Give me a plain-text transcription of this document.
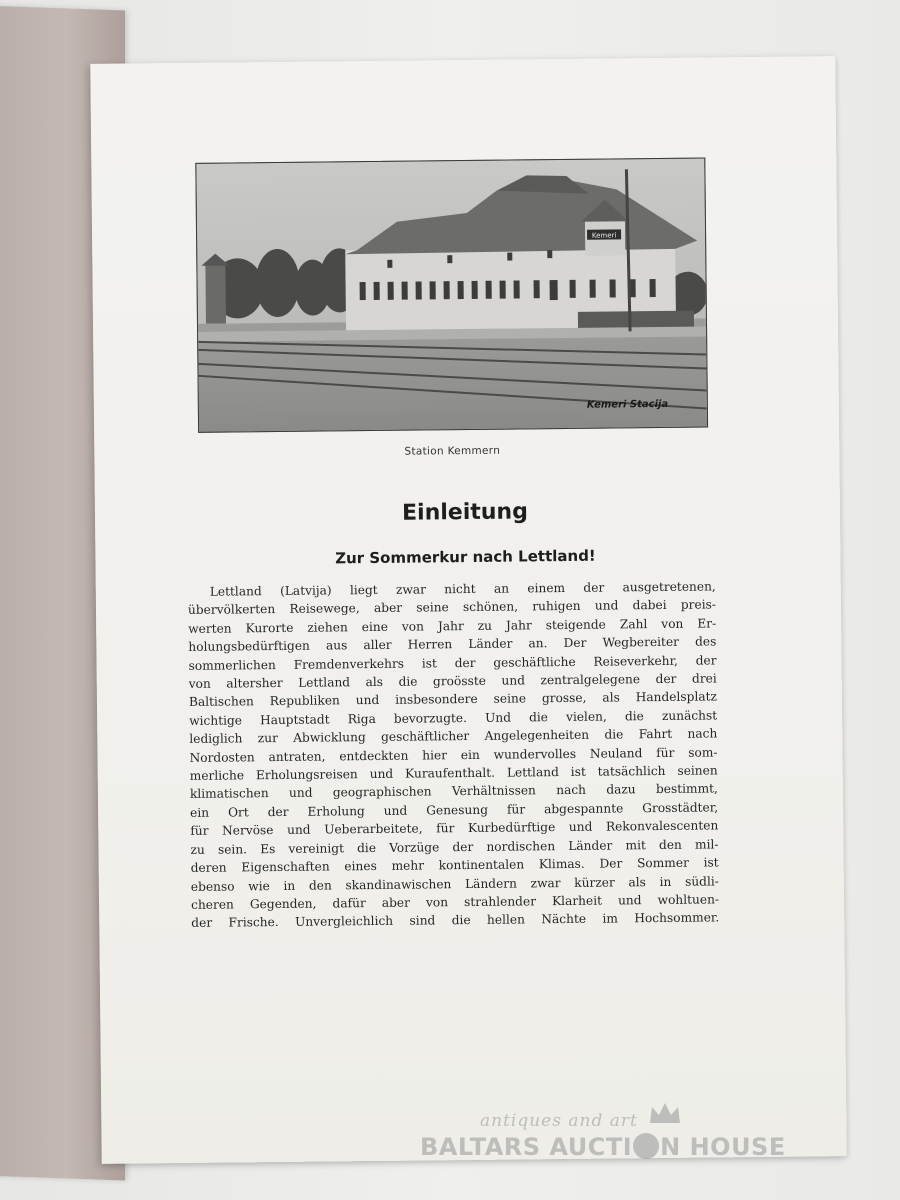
Kemeri
Kemeri Stacija
Station Kemmern
Einleitung
Zur Sommerkur nach Lettland!
Lettland (Latvija) liegt zwar nicht an einem der ausgetretenen,
übervölkerten Reisewege, aber seine schönen, ruhigen und dabei preis-
werten Kurorte ziehen eine von Jahr zu Jahr steigende Zahl von Er-
holungsbedürftigen aus aller Herren Länder an. Der Wegbereiter des
sommerlichen Fremdenverkehrs ist der geschäftliche Reiseverkehr, der
von altersher Lettland als die groösste und zentralgelegene der drei
Baltischen Republiken und insbesondere seine grosse, als Handelsplatz
wichtige Hauptstadt Riga bevorzugte. Und die vielen, die zunächst
lediglich zur Abwicklung geschäftlicher Angelegenheiten die Fahrt nach
Nordosten antraten, entdeckten hier ein wundervolles Neuland für som-
merliche Erholungsreisen und Kuraufenthalt. Lettland ist tatsächlich seinen
klimatischen und geographischen Verhältnissen nach dazu bestimmt,
ein Ort der Erholung und Genesung für abgespannte Grosstädter,
für Nervöse und Ueberarbeitete, für Kurbedürftige und Rekonvalescenten
zu sein. Es vereinigt die Vorzüge der nordischen Länder mit den mil-
deren Eigenschaften eines mehr kontinentalen Klimas. Der Sommer ist
ebenso wie in den skandinawischen Ländern zwar kürzer als in südli-
cheren Gegenden, dafür aber von strahlender Klarheit und wohltuen-
der Frische. Unvergleichlich sind die hellen Nächte im Hochsommer.
antiques and art
BALTARS AUCTI N HOUSE
